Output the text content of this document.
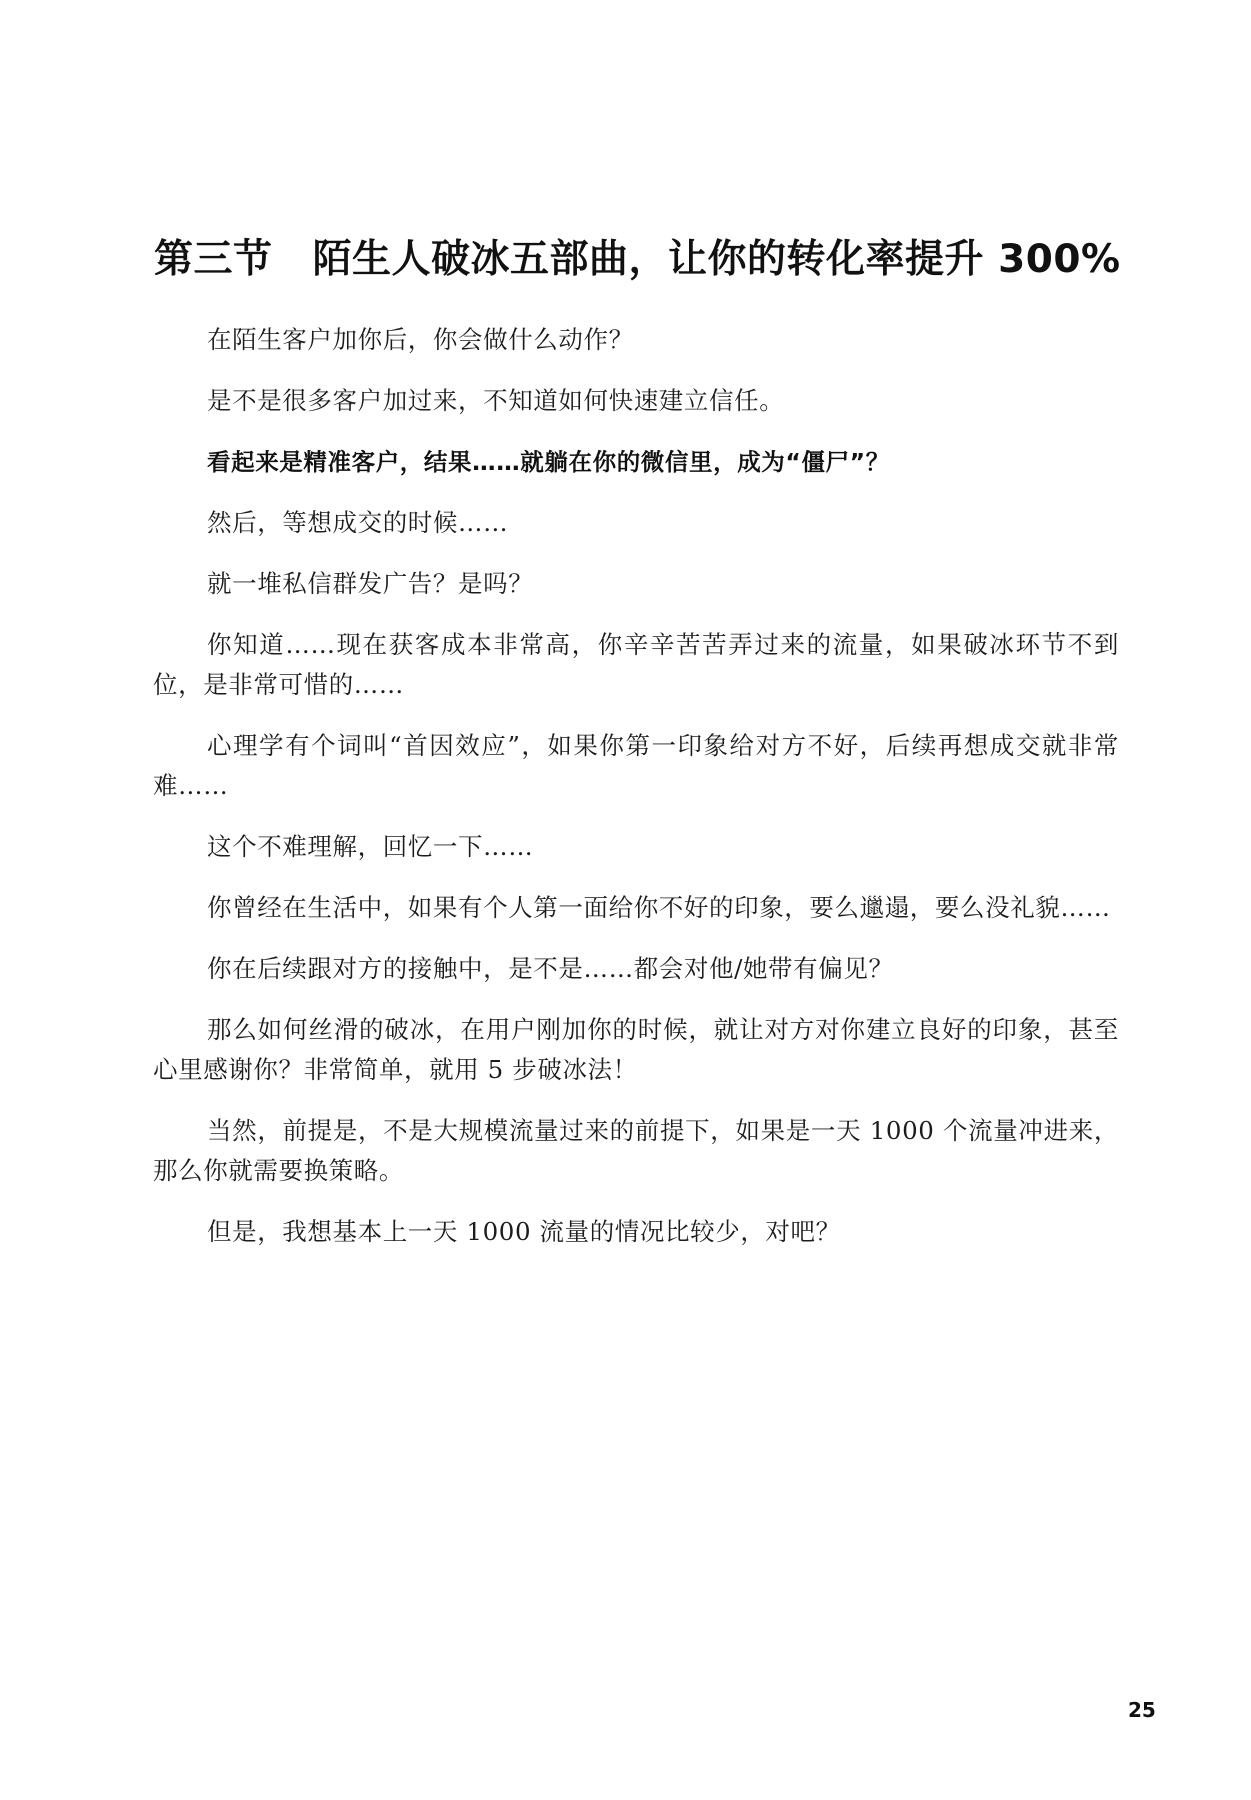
第三节 陌生人破冰五部曲，让你的转化率提升 300%

在陌生客户加你后，你会做什么动作？

是不是很多客户加过来，不知道如何快速建立信任。

看起来是精准客户，结果……就躺在你的微信里，成为“僵尸”？

然后，等想成交的时候……

就一堆私信群发广告？是吗？

你知道……现在获客成本非常高，你辛辛苦苦弄过来的流量，如果破冰环节不到位，是非常可惜的……

心理学有个词叫“首因效应”，如果你第一印象给对方不好，后续再想成交就非常难……

这个不难理解，回忆一下……

你曾经在生活中，如果有个人第一面给你不好的印象，要么邋遢，要么没礼貌……

你在后续跟对方的接触中，是不是……都会对他/她带有偏见？

那么如何丝滑的破冰，在用户刚加你的时候，就让对方对你建立良好的印象，甚至心里感谢你？非常简单，就用 5 步破冰法！

当然，前提是，不是大规模流量过来的前提下，如果是一天 1000 个流量冲进来，那么你就需要换策略。

但是，我想基本上一天 1000 流量的情况比较少，对吧？

25
